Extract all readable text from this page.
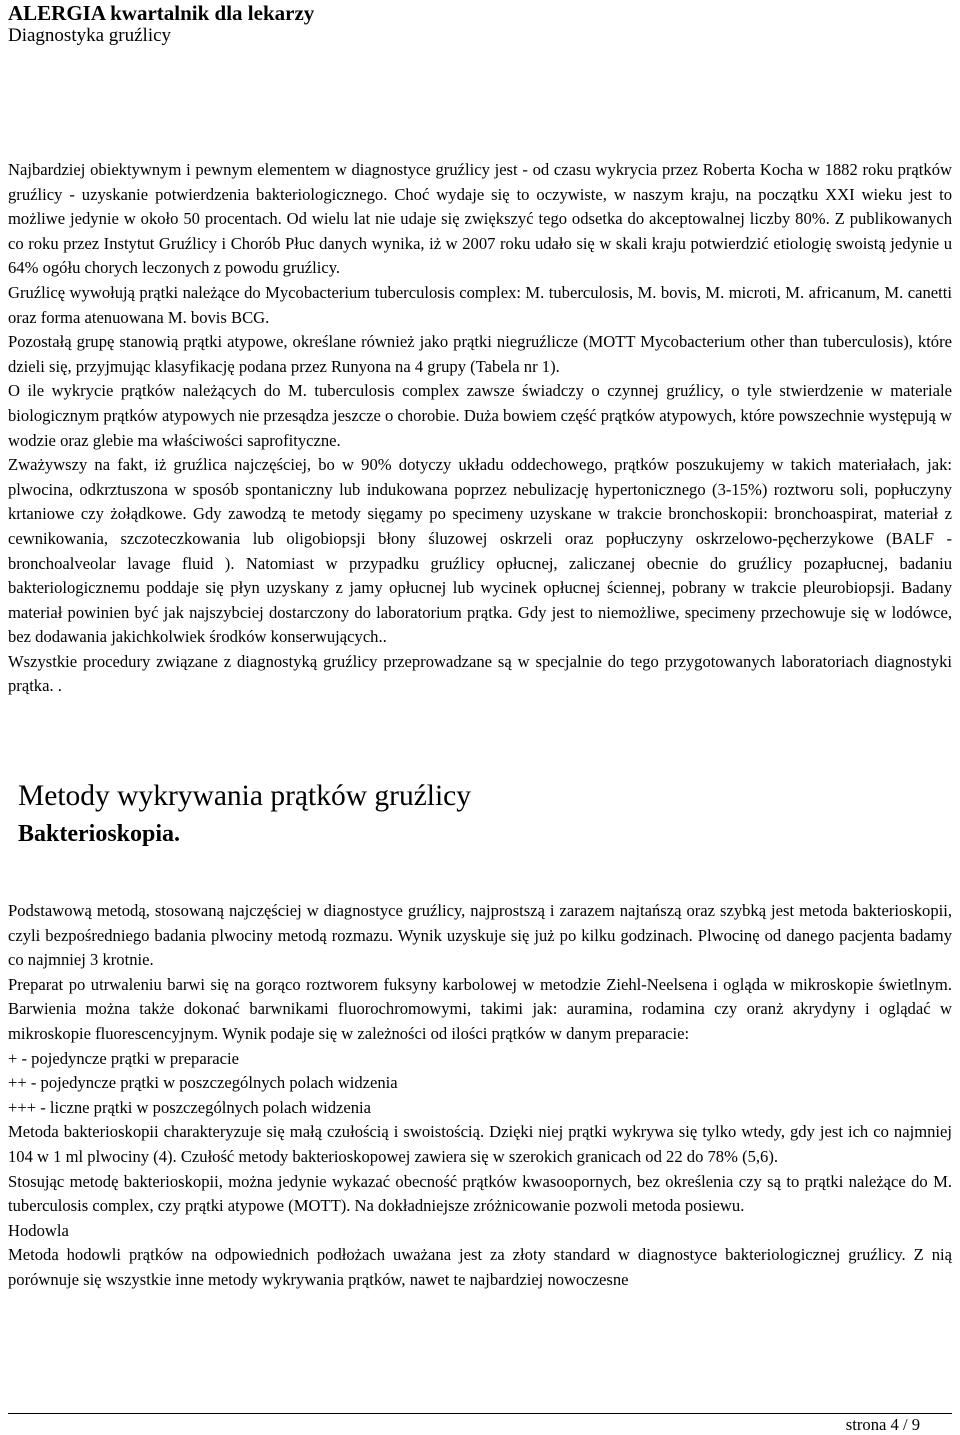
ALERGIA kwartalnik dla lekarzy
Diagnostyka gruźlicy

Najbardziej obiektywnym i pewnym elementem w diagnostyce gruźlicy jest - od czasu wykrycia przez Roberta Kocha w 1882 roku prątków gruźlicy - uzyskanie potwierdzenia bakteriologicznego. Choć wydaje się to oczywiste, w naszym kraju, na początku XXI wieku jest to możliwe jedynie w około 50 procentach. Od wielu lat nie udaje się zwiększyć tego odsetka do akceptowalnej liczby 80%. Z publikowanych co roku przez Instytut Gruźlicy i Chorób Płuc danych wynika, iż w 2007 roku udało się w skali kraju potwierdzić etiologię swoistą jedynie u 64% ogółu chorych leczonych z powodu gruźlicy.

Gruźlicę wywołują prątki należące do Mycobacterium tuberculosis complex: M. tuberculosis, M. bovis, M. microti, M. africanum, M. canetti oraz forma atenuowana M. bovis BCG.

Pozostałą grupę stanowią prątki atypowe, określane również jako prątki niegruźlicze (MOTT Mycobacterium other than tuberculosis), które dzieli się, przyjmując klasyfikację podana przez Runyona na 4 grupy (Tabela nr 1).

O ile wykrycie prątków należących do M. tuberculosis complex zawsze świadczy o czynnej gruźlicy, o tyle stwierdzenie w materiale biologicznym prątków atypowych nie przesądza jeszcze o chorobie. Duża bowiem część prątków atypowych, które powszechnie występują w wodzie oraz glebie ma właściwości saprofityczne.

Zważywszy na fakt, iż gruźlica najczęściej, bo w 90% dotyczy układu oddechowego, prątków poszukujemy w takich materiałach, jak: plwocina, odkrztuszona w sposób spontaniczny lub indukowana poprzez nebulizację hypertonicznego (3-15%) roztworu soli, popłuczyny krtaniowe czy żołądkowe. Gdy zawodzą te metody sięgamy po specimeny uzyskane w trakcie bronchoskopii: bronchoaspirat, materiał z cewnikowania, szczoteczkowania lub oligobiopsji błony śluzowej oskrzeli oraz popłuczyny oskrzelowo-pęcherzykowe (BALF - bronchoalveolar lavage fluid ). Natomiast w przypadku gruźlicy opłucnej, zaliczanej obecnie do gruźlicy pozapłucnej, badaniu bakteriologicznemu poddaje się płyn uzyskany z jamy opłucnej lub wycinek opłucnej ściennej, pobrany w trakcie pleurobiopsji. Badany materiał powinien być jak najszybciej dostarczony do laboratorium prątka. Gdy jest to niemożliwe, specimeny przechowuje się w lodówce, bez dodawania jakichkolwiek środków konserwujących..

Wszystkie procedury związane z diagnostyką gruźlicy przeprowadzane są w specjalnie do tego przygotowanych laboratoriach diagnostyki prątka. .

Metody wykrywania prątków gruźlicy
Bakterioskopia.

Podstawową metodą, stosowaną najczęściej w diagnostyce gruźlicy, najprostszą i zarazem najtańszą oraz szybką jest metoda bakterioskopii, czyli bezpośredniego badania plwociny metodą rozmazu. Wynik uzyskuje się już po kilku godzinach. Plwocinę od danego pacjenta badamy co najmniej 3 krotnie.

Preparat po utrwaleniu barwi się na gorąco roztworem fuksyny karbolowej w metodzie Ziehl-Neelsena i ogląda w mikroskopie świetlnym. Barwienia można także dokonać barwnikami fluorochromowymi, takimi jak: auramina, rodamina czy oranż akrydyny i oglądać w mikroskopie fluorescencyjnym. Wynik podaje się w zależności od ilości prątków w danym preparacie:

+ - pojedyncze prątki w preparacie

++ - pojedyncze prątki w poszczególnych polach widzenia

+++ - liczne prątki w poszczególnych polach widzenia

Metoda bakterioskopii charakteryzuje się małą czułością i swoistością. Dzięki niej prątki wykrywa się tylko wtedy, gdy jest ich co najmniej 104 w 1 ml plwociny (4). Czułość metody bakterioskopowej zawiera się w szerokich granicach od 22 do 78% (5,6).

Stosując metodę bakterioskopii, można jedynie wykazać obecność prątków kwasoopornych, bez określenia czy są to prątki należące do M. tuberculosis complex, czy prątki atypowe (MOTT). Na dokładniejsze zróżnicowanie pozwoli metoda posiewu.

Hodowla

Metoda hodowli prątków na odpowiednich podłożach uważana jest za złoty standard w diagnostyce bakteriologicznej gruźlicy. Z nią porównuje się wszystkie inne metody wykrywania prątków, nawet te najbardziej nowoczesne

strona 4 / 9
